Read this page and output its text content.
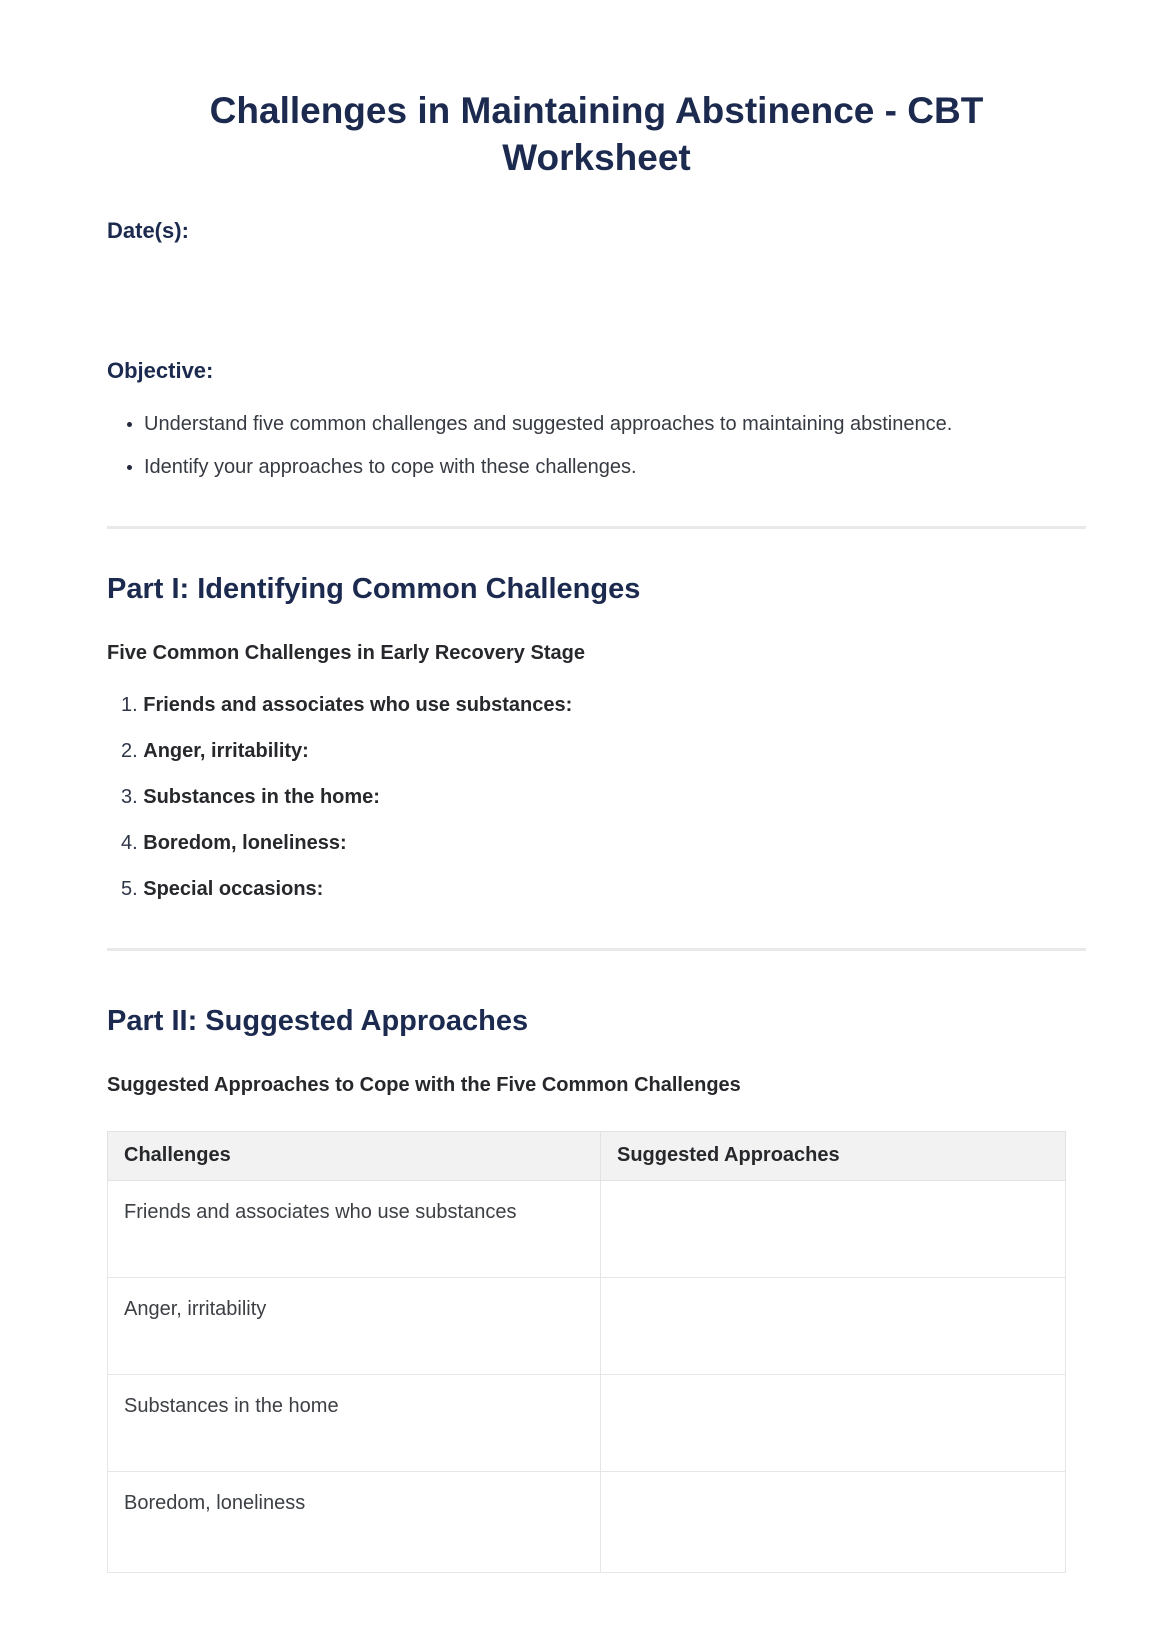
Challenges in Maintaining Abstinence - CBT Worksheet
Date(s):
Objective:
• Understand five common challenges and suggested approaches to maintaining abstinence.
• Identify your approaches to cope with these challenges.
Part I: Identifying Common Challenges
Five Common Challenges in Early Recovery Stage
Friends and associates who use substances:
Anger, irritability:
Substances in the home:
Boredom, loneliness:
Special occasions:
Part II: Suggested Approaches
Suggested Approaches to Cope with the Five Common Challenges
Challenges	Suggested Approaches
Friends and associates who use substances	
Anger, irritability	
Substances in the home	
Boredom, loneliness	
